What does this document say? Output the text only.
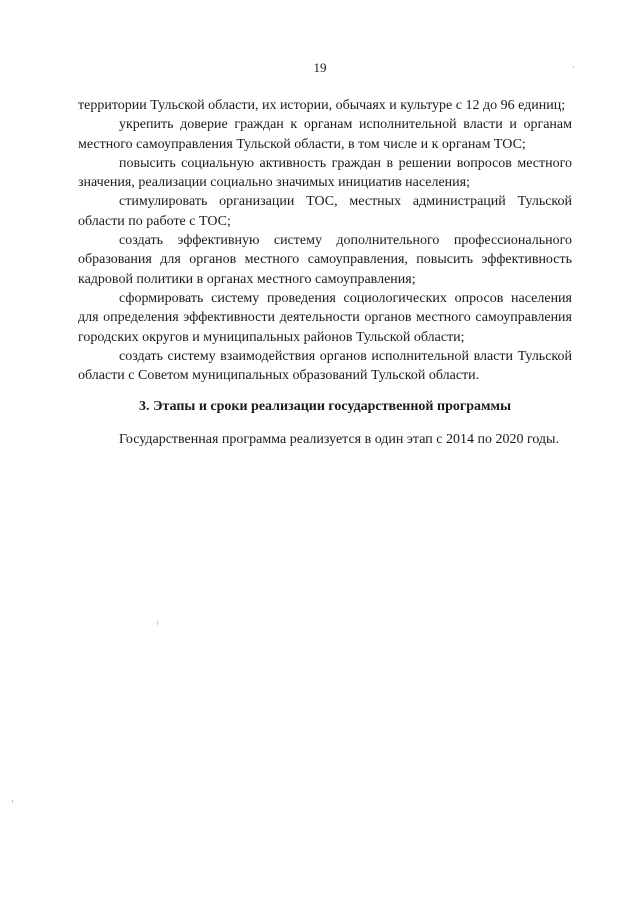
19

территории Тульской области, их истории, обычаях и культуре с 12 до 96 единиц;

укрепить доверие граждан к органам исполнительной власти и органам местного самоуправления Тульской области, в том числе и к органам ТОС;

повысить социальную активность граждан в решении вопросов местного значения, реализации социально значимых инициатив населения;

стимулировать организации ТОС, местных администраций Тульской области по работе с ТОС;

создать эффективную систему дополнительного профессионального образования для органов местного самоуправления, повысить эффективность кадровой политики в органах местного самоуправления;

сформировать систему проведения социологических опросов населения для определения эффективности деятельности органов местного самоуправления городских округов и муниципальных районов Тульской области;

создать систему взаимодействия органов исполнительной власти Тульской области с Советом муниципальных образований Тульской области.

3. Этапы и сроки реализации государственной программы

Государственная программа реализуется в один этап с 2014 по 2020 годы.
